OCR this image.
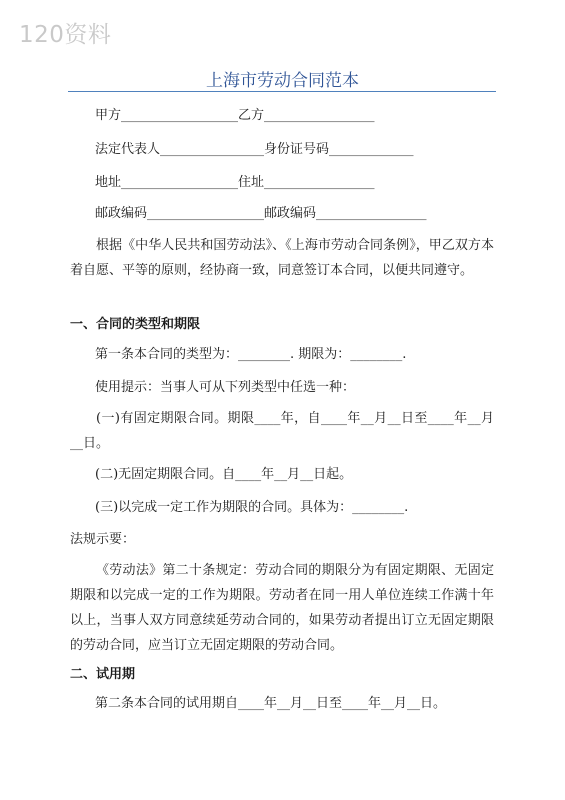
120资料
上海市劳动合同范本
甲方__________________乙方_________________
法定代表人________________身份证号码_____________
地址__________________住址_________________
邮政编码__________________邮政编码_________________
根据《中华人民共和国劳动法》、《上海市劳动合同条例》，甲乙双方本着自愿、平等的原则，经协商一致，同意签订本合同，以便共同遵守。
一、合同的类型和期限
第一条本合同的类型为：________. 期限为：________.
使用提示：当事人可从下列类型中任选一种：
(一)有固定期限合同。期限____年，自____年__月__日至____年__月__日。
(二)无固定期限合同。自____年__月__日起。
(三)以完成一定工作为期限的合同。具体为：________.
法规示要：
《劳动法》第二十条规定：劳动合同的期限分为有固定期限、无固定期限和以完成一定的工作为期限。劳动者在同一用人单位连续工作满十年以上，当事人双方同意续延劳动合同的，如果劳动者提出订立无固定期限的劳动合同，应当订立无固定期限的劳动合同。
二、试用期
第二条本合同的试用期自____年__月__日至____年__月__日。
